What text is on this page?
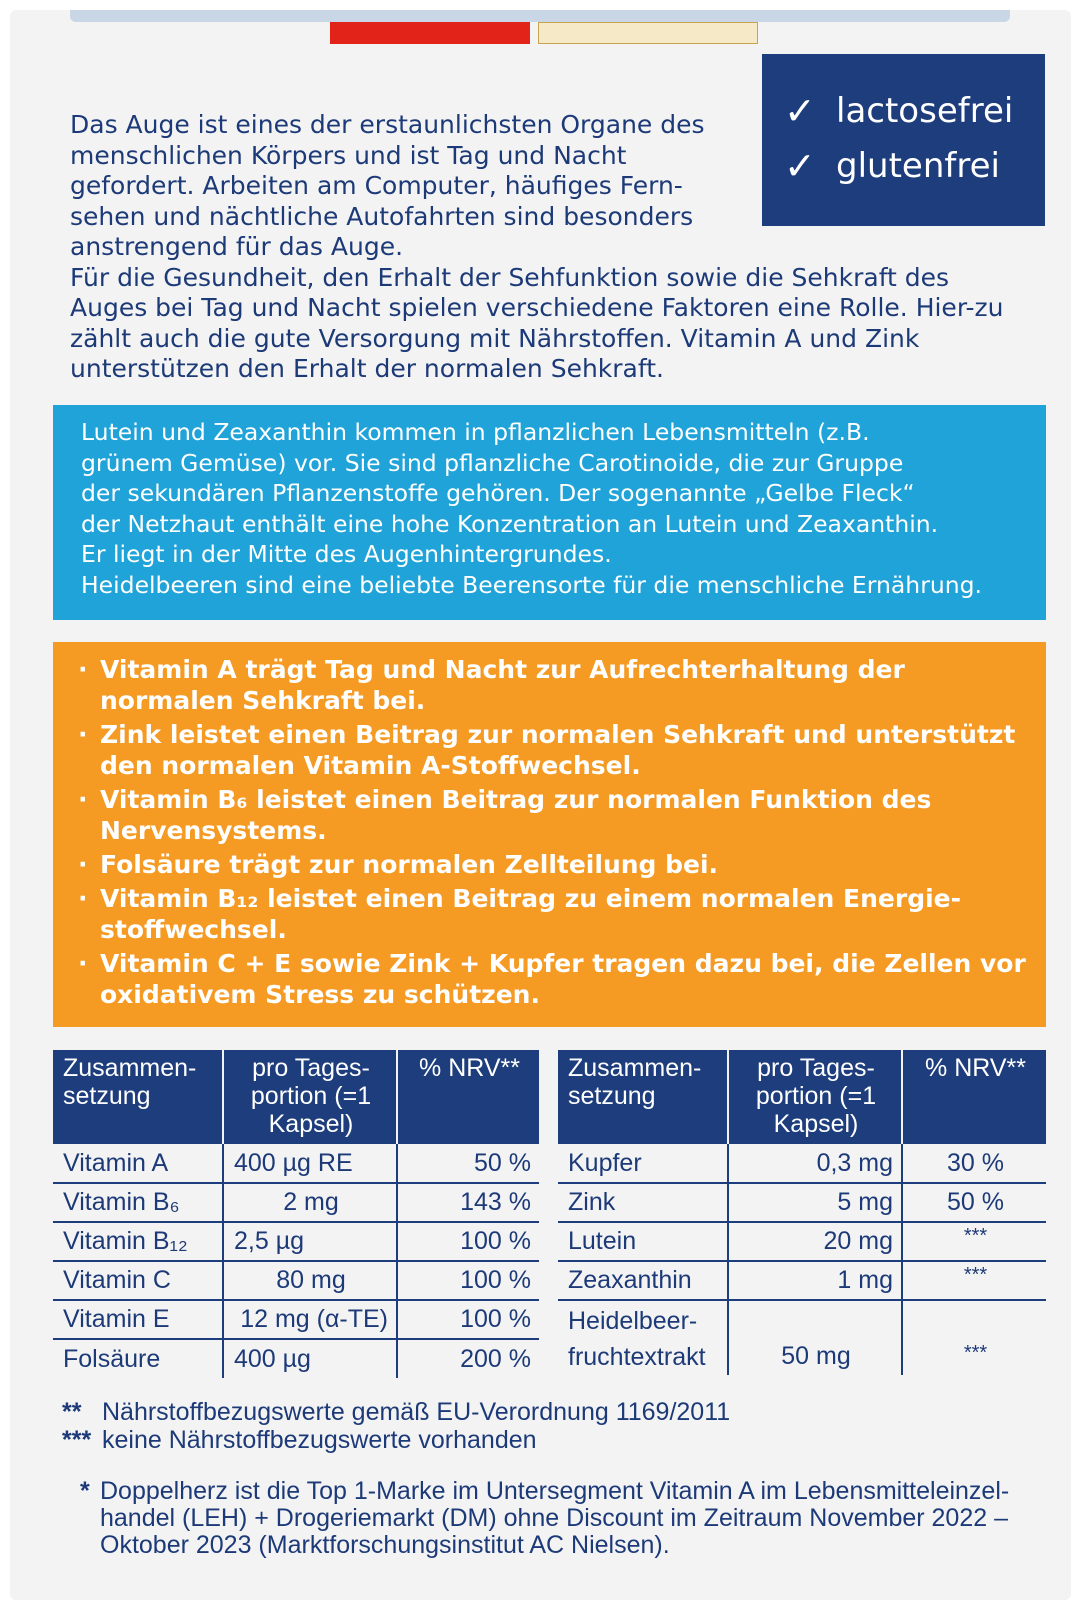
✓ lactosefrei
✓ glutenfrei

Das Auge ist eines der erstaunlichsten Organe des menschlichen Körpers und ist Tag und Nacht gefordert. Arbeiten am Computer, häufiges Fern-sehen und nächtliche Autofahrten sind besonders anstrengend für das Auge.

Für die Gesundheit, den Erhalt der Sehfunktion sowie die Sehkraft des Auges bei Tag und Nacht spielen verschiedene Faktoren eine Rolle. Hier-zu zählt auch die gute Versorgung mit Nährstoffen. Vitamin A und Zink unterstützen den Erhalt der normalen Sehkraft.

Lutein und Zeaxanthin kommen in pflanzlichen Lebensmitteln (z.B.

grünem Gemüse) vor. Sie sind pflanzliche Carotinoide, die zur Gruppe

der sekundären Pflanzenstoffe gehören. Der sogenannte „Gelbe Fleck“

der Netzhaut enthält eine hohe Konzentration an Lutein und Zeaxanthin.

Er liegt in der Mitte des Augenhintergrundes.

Heidelbeeren sind eine beliebte Beerensorte für die menschliche Ernährung.

· Vitamin A trägt Tag und Nacht zur Aufrechterhaltung der normalen Sehkraft bei.
· Zink leistet einen Beitrag zur normalen Sehkraft und unterstützt den normalen Vitamin A-Stoffwechsel.
· Vitamin B₆ leistet einen Beitrag zur normalen Funktion des Nervensystems.
· Folsäure trägt zur normalen Zellteilung bei.
· Vitamin B₁₂ leistet einen Beitrag zu einem normalen Energie-stoffwechsel.
· Vitamin C + E sowie Zink + Kupfer tragen dazu bei, die Zellen vor oxidativem Stress zu schützen.
Zusammen-setzung	pro Tages-portion (=1 Kapsel)	% NRV**
Vitamin A	400 µg RE	50 %
Vitamin B₆	2 mg	143 %
Vitamin B₁₂	2,5 µg	100 %
Vitamin C	80 mg	100 %
Vitamin E	12 mg (α-TE)	100 %
Folsäure	400 µg	200 %
Zusammen-setzung	pro Tages-portion (=1 Kapsel)	% NRV**
Kupfer	0,3 mg	30 %
Zink	5 mg	50 %
Lutein	20 mg	***
Zeaxanthin	1 mg	***
Heidelbeer-fruchtextrakt	50 mg	***
** Nährstoffbezugswerte gemäß EU-Verordnung 1169/2011
*** keine Nährstoffbezugswerte vorhanden
* Doppelherz ist die Top 1-Marke im Untersegment Vitamin A im Lebensmitteleinzel-handel (LEH) + Drogeriemarkt (DM) ohne Discount im Zeitraum November 2022 – Oktober 2023 (Marktforschungsinstitut AC Nielsen).
